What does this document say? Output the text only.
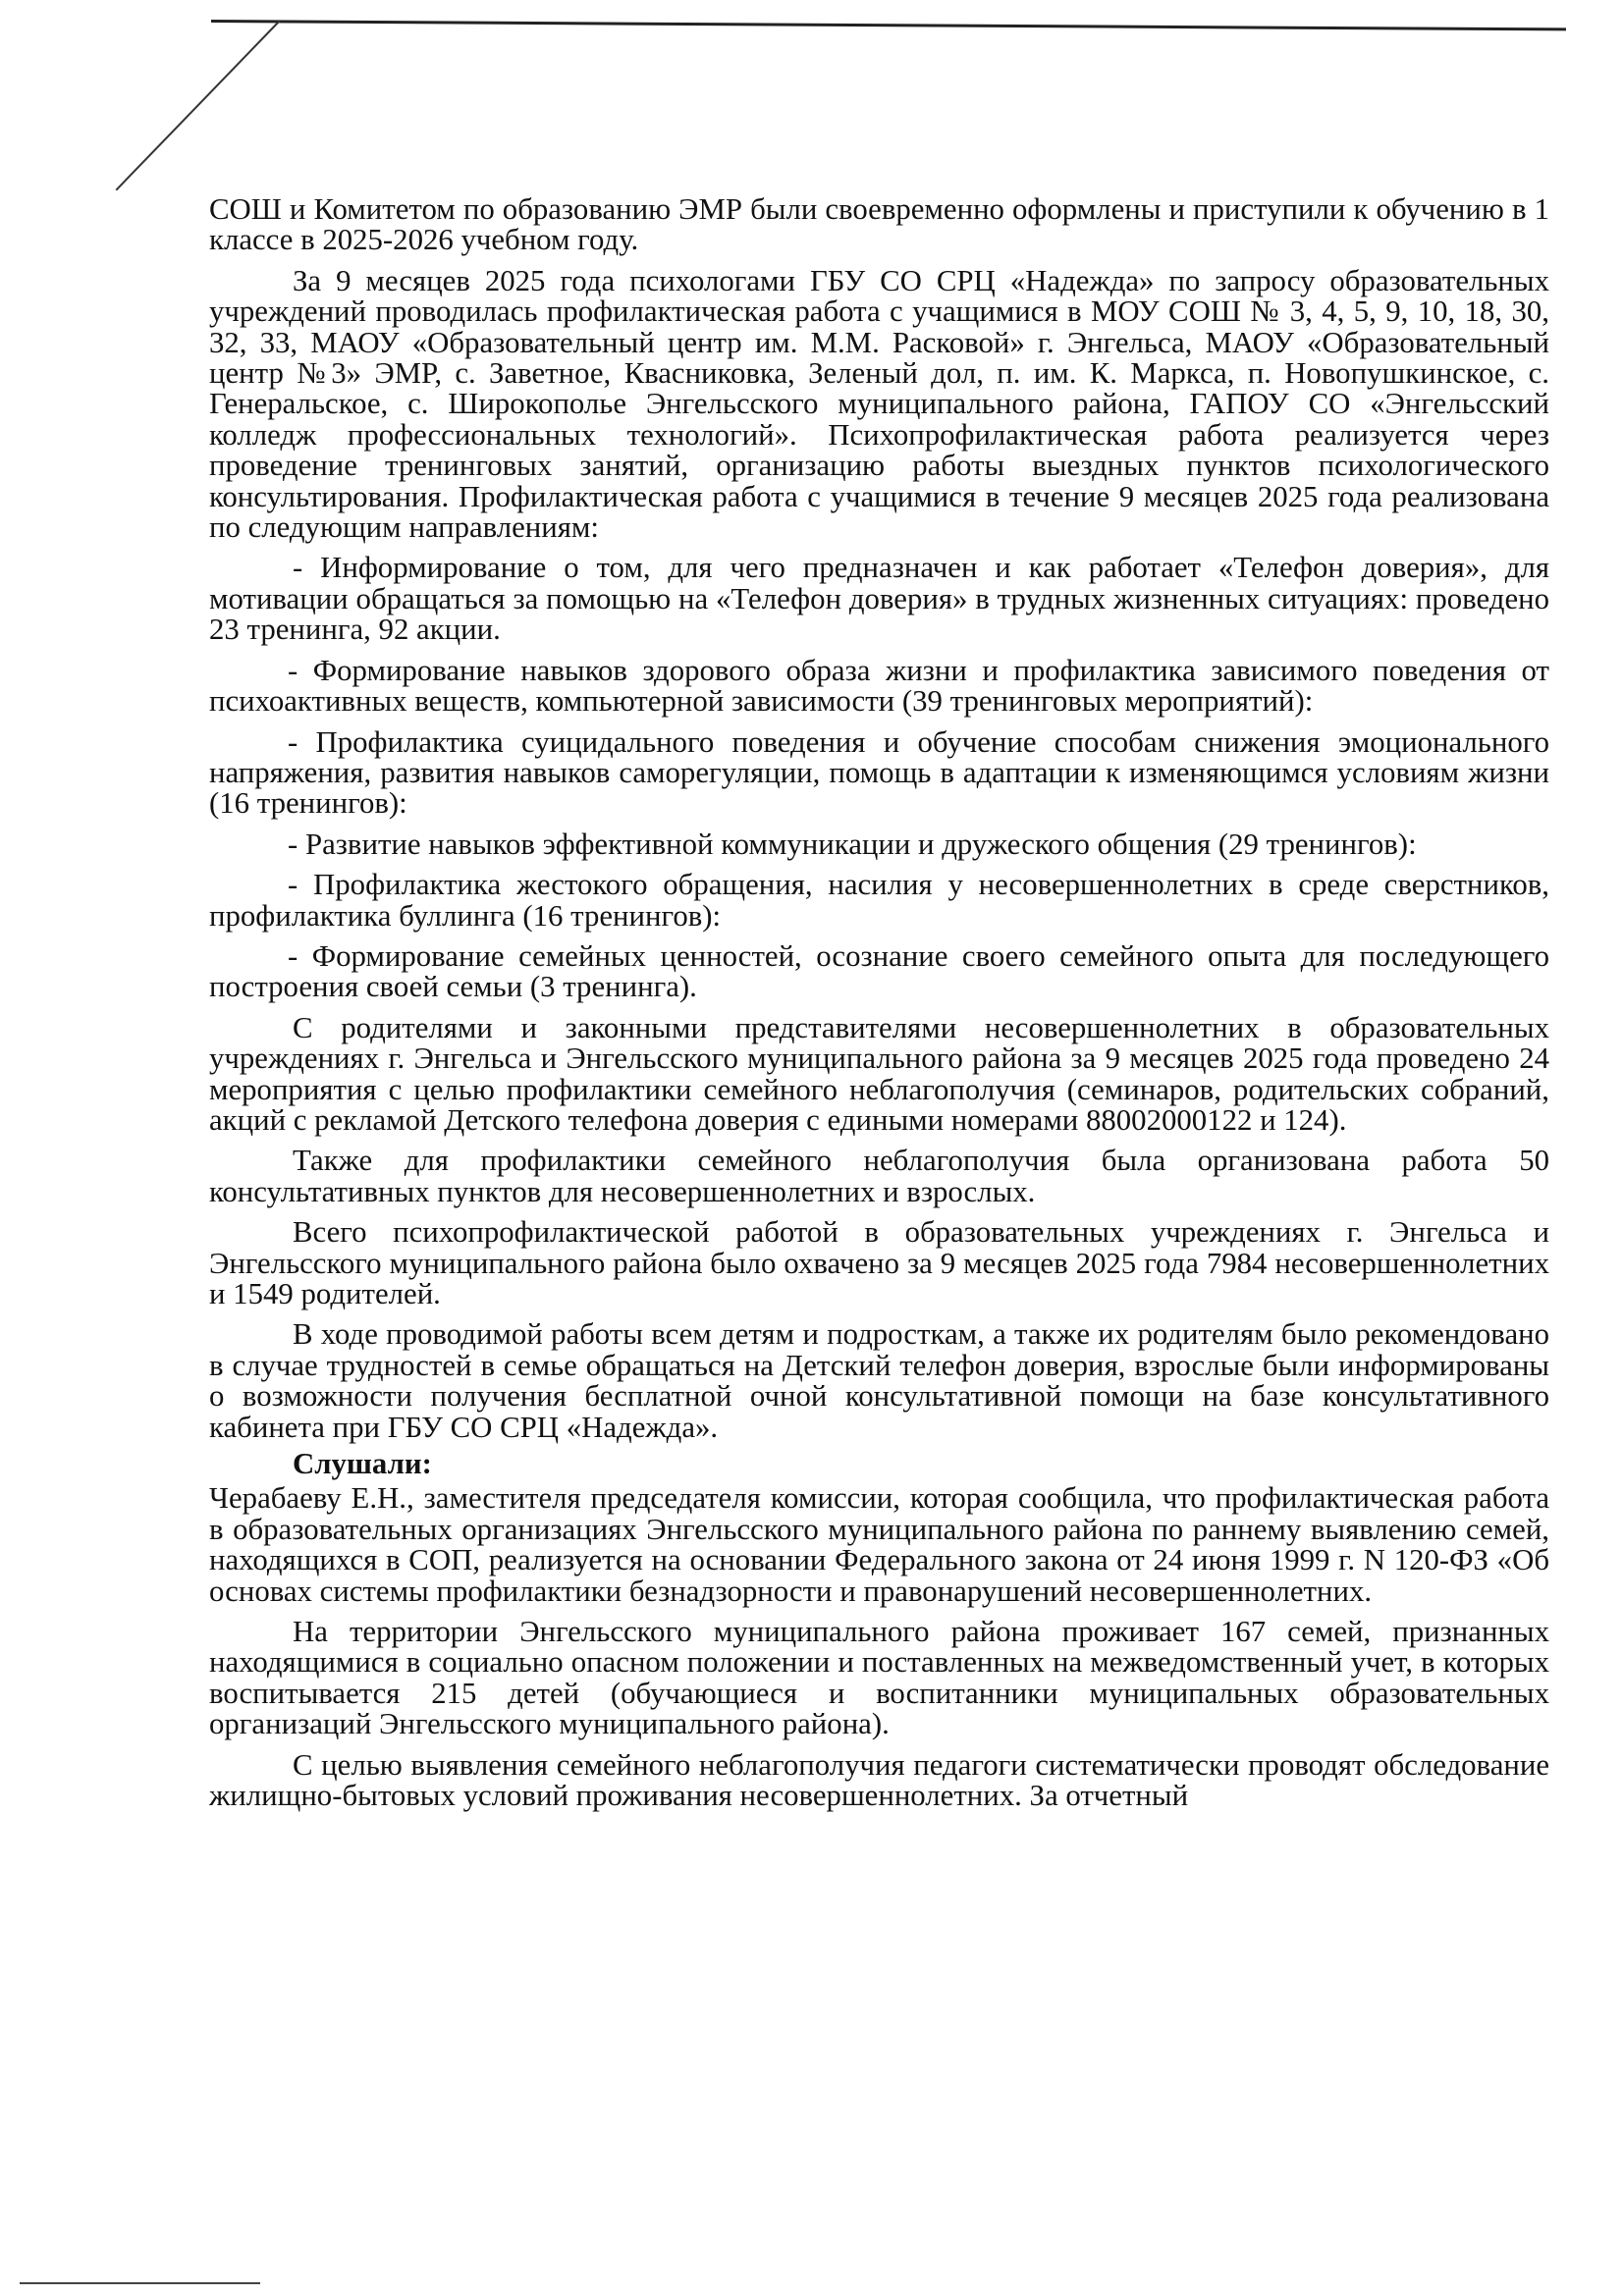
СОШ и Комитетом по образованию ЭМР были своевременно оформлены и приступили к обучению в 1 классе в 2025-2026 учебном году.

За 9 месяцев 2025 года психологами ГБУ СО СРЦ «Надежда» по запросу образовательных учреждений проводилась профилактическая работа с учащимися в МОУ СОШ № 3, 4, 5, 9, 10, 18, 30, 32, 33, МАОУ «Образовательный центр им. М.М. Расковой» г. Энгельса, МАОУ «Образовательный центр №3» ЭМР, с. Заветное, Квасниковка, Зеленый дол, п. им. К. Маркса, п. Новопушкинское, с. Генеральское, с. Широкополье Энгельсского муниципального района, ГАПОУ СО «Энгельсский колледж профессиональных технологий». Психопрофилактическая работа реализуется через проведение тренинговых занятий, организацию работы выездных пунктов психологического консультирования. Профилактическая работа с учащимися в течение 9 месяцев 2025 года реализована по следующим направлениям:

- Информирование о том, для чего предназначен и как работает «Телефон доверия», для мотивации обращаться за помощью на «Телефон доверия» в трудных жизненных ситуациях: проведено 23 тренинга, 92 акции.

- Формирование навыков здорового образа жизни и профилактика зависимого поведения от психоактивных веществ, компьютерной зависимости (39 тренинговых мероприятий):

- Профилактика суицидального поведения и обучение способам снижения эмоционального напряжения, развития навыков саморегуляции, помощь в адаптации к изменяющимся условиям жизни (16 тренингов):

- Развитие навыков эффективной коммуникации и дружеского общения (29 тренингов):

- Профилактика жестокого обращения, насилия у несовершеннолетних в среде сверстников, профилактика буллинга (16 тренингов):

- Формирование семейных ценностей, осознание своего семейного опыта для последующего построения своей семьи (3 тренинга).

С родителями и законными представителями несовершеннолетних в образовательных учреждениях г. Энгельса и Энгельсского муниципального района за 9 месяцев 2025 года проведено 24 мероприятия с целью профилактики семейного неблагополучия (семинаров, родительских собраний, акций с рекламой Детского телефона доверия с едиными номерами 88002000122 и 124).

Также для профилактики семейного неблагополучия была организована работа 50 консультативных пунктов для несовершеннолетних и взрослых.

Всего психопрофилактической работой в образовательных учреждениях г. Энгельса и Энгельсского муниципального района было охвачено за 9 месяцев 2025 года 7984 несовершеннолетних и 1549 родителей.

В ходе проводимой работы всем детям и подросткам, а также их родителям было рекомендовано в случае трудностей в семье обращаться на Детский телефон доверия, взрослые были информированы о возможности получения бесплатной очной консультативной помощи на базе консультативного кабинета при ГБУ СО СРЦ «Надежда».

Слушали:

Черабаеву Е.Н., заместителя председателя комиссии, которая сообщила, что профилактическая работа в образовательных организациях Энгельсского муниципального района по раннему выявлению семей, находящихся в СОП, реализуется на основании Федерального закона от 24 июня 1999 г. N 120-ФЗ «Об основах системы профилактики безнадзорности и правонарушений несовершеннолетних.

На территории Энгельсского муниципального района проживает 167 семей, признанных находящимися в социально опасном положении и поставленных на межведомственный учет, в которых воспитывается 215 детей (обучающиеся и воспитанники муниципальных образовательных организаций Энгельсского муниципального района).

С целью выявления семейного неблагополучия педагоги систематически проводят обследование жилищно-бытовых условий проживания несовершеннолетних. За отчетный
